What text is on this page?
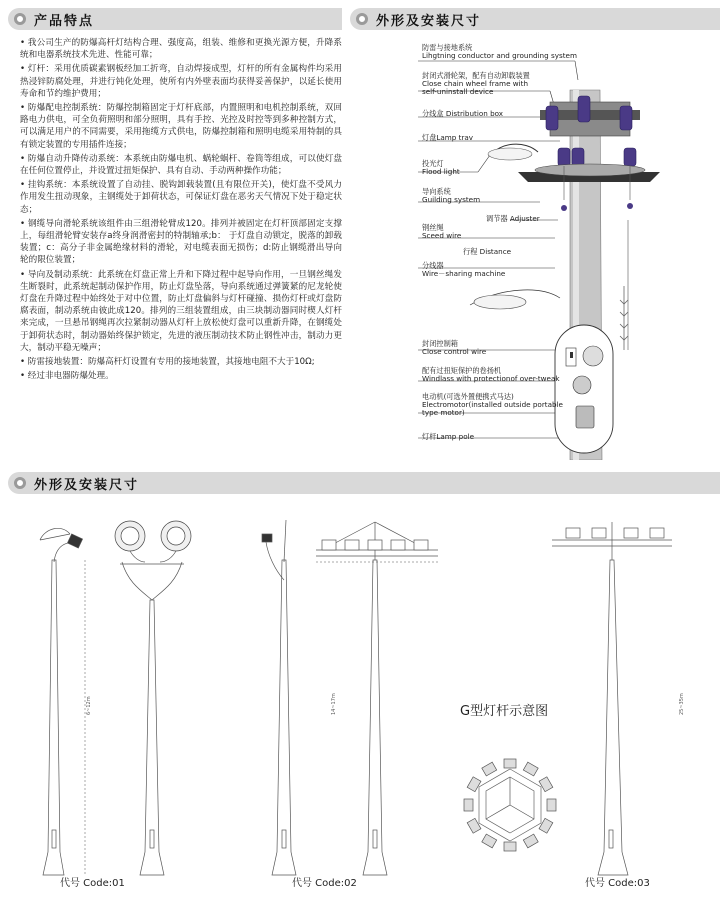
产品特点	外形及安装尺寸

• 我公司生产的防爆高杆灯结构合理、强度高，组装、维修和更换光源方便，升降系统和电器系统技术先进、性能可靠；

• 灯杆：采用优质碳素钢板经加工折弯，自动焊接成型，灯杆的所有金属构件均采用热浸锌防腐处理，并进行钝化处理，使所有内外壁表面均获得妥善保护，以延长使用寿命和节约维护费用；

• 防爆配电控制系统：防爆控制箱固定于灯杆底部，内置照明和电机控制系统，双回路电力供电，可全负荷照明和部分照明，具有手控、光控及时控等到多种控制方式，可以满足用户的不同需要，采用拖缆方式供电，防爆控制箱和照明电缆采用特制的具有锁定装置的专用插件连接；

• 防爆自动升降传动系统：本系统由防爆电机、蜗轮蜗杆、卷筒等组成，可以使灯盘在任何位置停止，并设置过扭矩保护、具有自动、手动两种操作功能；

• 挂钩系统：本系统设置了自动挂、脱钩卸载装置(且有限位开关)，使灯盘不受风力作用发生扭动现象，主钢缆处于卸荷状态，可保证灯盘在恶劣天气情况下处于稳定状态；

• 钢缆导向滑轮系统该组件由三组滑轮臂成120。排列并被固定在灯杆顶部固定支撑上，每组滑轮臂安装存a终身润滑密封的特制轴承;b： 于灯盘自动锁定，脱落的卸载装置；c：高分子非金属绝缘材料的滑轮，对电缆表面无损伤；d:防止钢缆滑出导向轮的限位装置；

• 导向及制动系统：此系统在灯盘正常上升和下降过程中起导向作用，一旦钢丝绳发生断裂时，此系统起制动保护作用，防止灯盘坠落，导向系统通过弹簧紧的尼龙轮使灯盘在升降过程中始终处于对中位置，防止灯盘偏斜与灯杆碰撞、损伤灯杆或灯盘防腐表面，制动系统由彼此成120。排列的三组装置组成，由三块制动器同时楔人灯杆来完成，一旦悬吊钢绳再次拉紧制动器从灯杆上放松使灯盘可以重新升降，在钢缆处于卸荷状态时，制动器始终保护锁定，先进的液压制动技术防止钢性冲击，制动力更大，制动平稳无噪声；

• 防雷接地装置：防爆高杆灯设置有专用的接地装置，其接地电阻不大于10Ω;

• 经过非电器防爆处理。

防雷与接地系统
Lihgtning conductor and grounding system
封闭式滑轮架，配有自动卸载装置
Close chain wheel frame with
self-uninstall device
分线盒 Distribution box
灯盘Lamp trav
投光灯
Flood light
导向系统
Guilding system
调节器 Adjuster
钢丝绳
Sceed wire
行程 Distance
分线器
Wire－sharing machine
封闭控制箱
Close control wire
配有过扭矩保护的卷扬机
Windlass with protectionof over-tweak
电动机(可选外置便携式马达)
Electromotor(installed outside portable
type motor)
灯杆Lamp pole
外形及安装尺寸
6~12m	14~17m	25~35m
G型灯杆示意图
代号 Code:01	代号 Code:02	代号 Code:03
